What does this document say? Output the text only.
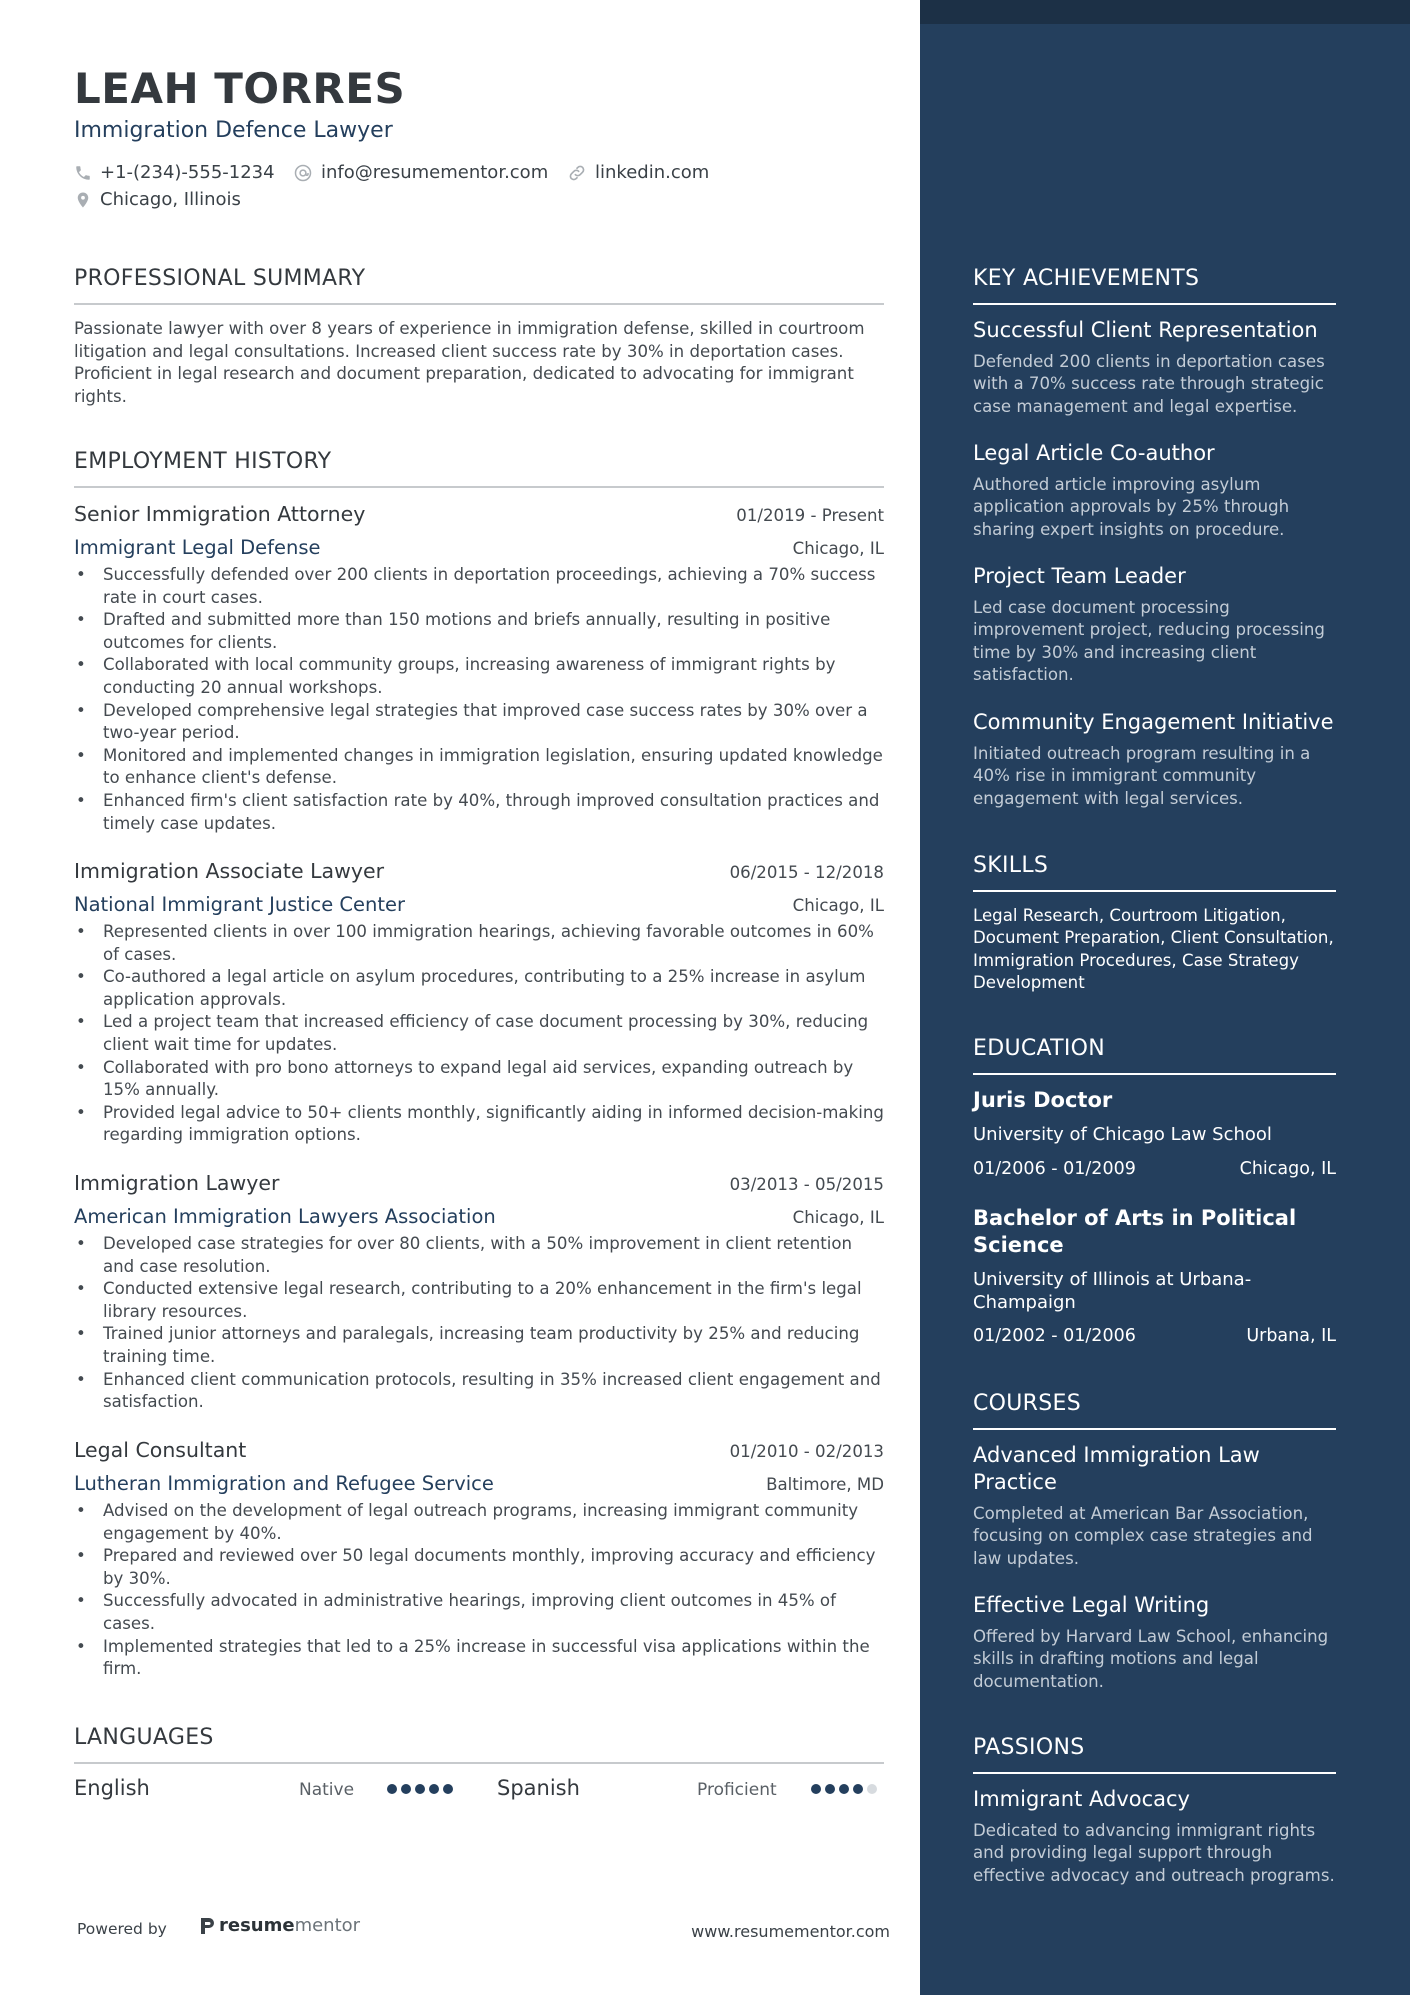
LEAH TORRES
Immigration Defence Lawyer
+1-(234)-555-1234	info@resumementor.com	linkedin.com
Chicago, Illinois
PROFESSIONAL SUMMARY
Passionate lawyer with over 8 years of experience in immigration defense, skilled in courtroom litigation and legal consultations. Increased client success rate by 30% in deportation cases. Proficient in legal research and document preparation, dedicated to advocating for immigrant rights.
EMPLOYMENT HISTORY
Senior Immigration Attorney	01/2019 - Present
Immigrant Legal Defense	Chicago, IL
• Successfully defended over 200 clients in deportation proceedings, achieving a 70% success rate in court cases.
• Drafted and submitted more than 150 motions and briefs annually, resulting in positive outcomes for clients.
• Collaborated with local community groups, increasing awareness of immigrant rights by conducting 20 annual workshops.
• Developed comprehensive legal strategies that improved case success rates by 30% over a two-year period.
• Monitored and implemented changes in immigration legislation, ensuring updated knowledge to enhance client's defense.
• Enhanced firm's client satisfaction rate by 40%, through improved consultation practices and timely case updates.
Immigration Associate Lawyer	06/2015 - 12/2018
National Immigrant Justice Center	Chicago, IL
• Represented clients in over 100 immigration hearings, achieving favorable outcomes in 60% of cases.
• Co-authored a legal article on asylum procedures, contributing to a 25% increase in asylum application approvals.
• Led a project team that increased efficiency of case document processing by 30%, reducing client wait time for updates.
• Collaborated with pro bono attorneys to expand legal aid services, expanding outreach by 15% annually.
• Provided legal advice to 50+ clients monthly, significantly aiding in informed decision-making regarding immigration options.
Immigration Lawyer	03/2013 - 05/2015
American Immigration Lawyers Association	Chicago, IL
• Developed case strategies for over 80 clients, with a 50% improvement in client retention and case resolution.
• Conducted extensive legal research, contributing to a 20% enhancement in the firm's legal library resources.
• Trained junior attorneys and paralegals, increasing team productivity by 25% and reducing training time.
• Enhanced client communication protocols, resulting in 35% increased client engagement and satisfaction.
Legal Consultant	01/2010 - 02/2013
Lutheran Immigration and Refugee Service	Baltimore, MD
• Advised on the development of legal outreach programs, increasing immigrant community engagement by 40%.
• Prepared and reviewed over 50 legal documents monthly, improving accuracy and efficiency by 30%.
• Successfully advocated in administrative hearings, improving client outcomes in 45% of cases.
• Implemented strategies that led to a 25% increase in successful visa applications within the firm.
LANGUAGES
English	Native	Spanish	Proficient
Powered by	resume mentor	www.resumementor.com
KEY ACHIEVEMENTS
Successful Client Representation
Defended 200 clients in deportation cases with a 70% success rate through strategic case management and legal expertise.
Legal Article Co-author
Authored article improving asylum application approvals by 25% through sharing expert insights on procedure.
Project Team Leader
Led case document processing improvement project, reducing processing time by 30% and increasing client satisfaction.
Community Engagement Initiative
Initiated outreach program resulting in a 40% rise in immigrant community engagement with legal services.
SKILLS
Legal Research, Courtroom Litigation, Document Preparation, Client Consultation, Immigration Procedures, Case Strategy Development
EDUCATION
Juris Doctor
University of Chicago Law School
01/2006 - 01/2009	Chicago, IL
Bachelor of Arts in Political Science
University of Illinois at Urbana-Champaign
01/2002 - 01/2006	Urbana, IL
COURSES
Advanced Immigration Law Practice
Completed at American Bar Association, focusing on complex case strategies and law updates.
Effective Legal Writing
Offered by Harvard Law School, enhancing skills in drafting motions and legal documentation.
PASSIONS
Immigrant Advocacy
Dedicated to advancing immigrant rights and providing legal support through effective advocacy and outreach programs.
